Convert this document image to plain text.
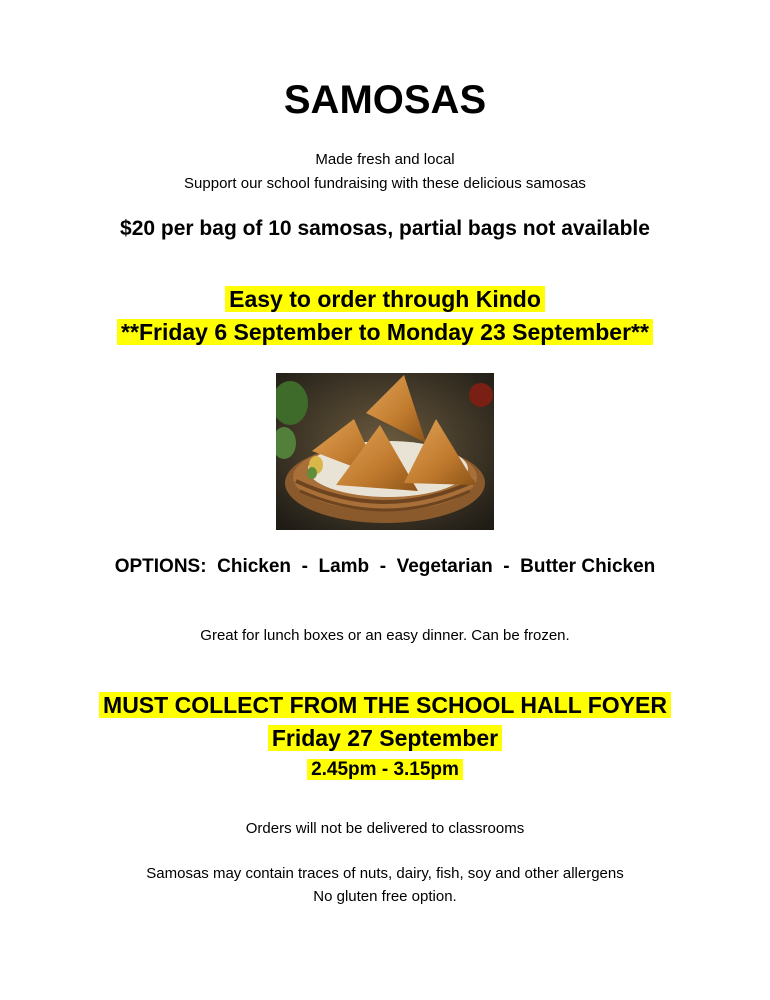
SAMOSAS
Made fresh and local
Support our school fundraising with these delicious samosas
$20 per bag of 10 samosas, partial bags not available
Easy to order through Kindo
**Friday 6 September to Monday 23 September**
OPTIONS:  Chicken  -  Lamb  -  Vegetarian  -  Butter Chicken
Great for lunch boxes or an easy dinner. Can be frozen.
MUST COLLECT FROM THE SCHOOL HALL FOYER
Friday 27 September
2.45pm - 3.15pm
Orders will not be delivered to classrooms
Samosas may contain traces of nuts, dairy, fish, soy and other allergens
No gluten free option.
